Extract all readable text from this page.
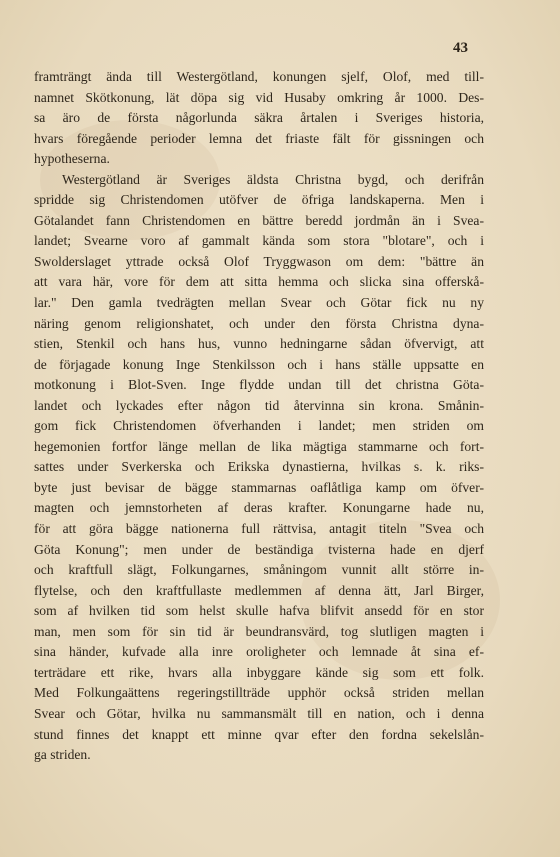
43

framträngt ända till Westergötland, konungen sjelf, Olof, med till-
namnet Skötkonung, lät döpa sig vid Husaby omkring år 1000. Des-
sa äro de första någorlunda säkra årtalen i Sveriges historia,
hvars föregående perioder lemna det friaste fält för gissningen och
hypotheserna.
Westergötland är Sveriges äldsta Christna bygd, och derifrån
spridde sig Christendomen utöfver de öfriga landskaperna. Men i
Götalandet fann Christendomen en bättre beredd jordmån än i Svea-
landet; Svearne voro af gammalt kända som stora "blotare", och i
Swolderslaget yttrade också Olof Tryggwason om dem: "bättre än
att vara här, vore för dem att sitta hemma och slicka sina offerskå-
lar." Den gamla tvedrägten mellan Svear och Götar fick nu ny
näring genom religionshatet, och under den första Christna dyna-
stien, Stenkil och hans hus, vunno hedningarne sådan öfvervigt, att
de förjagade konung Inge Stenkilsson och i hans ställe uppsatte en
motkonung i Blot-Sven. Inge flydde undan till det christna Göta-
landet och lyckades efter någon tid återvinna sin krona. Smånin-
gom fick Christendomen öfverhanden i landet; men striden om
hegemonien fortfor länge mellan de lika mägtiga stammarne och fort-
sattes under Sverkerska och Erikska dynastierna, hvilkas s. k. riks-
byte just bevisar de bägge stammarnas oaflåtliga kamp om öfver-
magten och jemnstorheten af deras krafter. Konungarne hade nu,
för att göra bägge nationerna full rättvisa, antagit titeln "Svea och
Göta Konung"; men under de beständiga tvisterna hade en djerf
och kraftfull slägt, Folkungarnes, småningom vunnit allt större in-
flytelse, och den kraftfullaste medlemmen af denna ätt, Jarl Birger,
som af hvilken tid som helst skulle hafva blifvit ansedd för en stor
man, men som för sin tid är beundransvärd, tog slutligen magten i
sina händer, kufvade alla inre oroligheter och lemnade åt sina ef-
terträdare ett rike, hvars alla inbyggare kände sig som ett folk.
Med Folkungaättens regeringstillträde upphör också striden mellan
Svear och Götar, hvilka nu sammansmält till en nation, och i denna
stund finnes det knappt ett minne qvar efter den fordna sekelslån-
ga striden.
